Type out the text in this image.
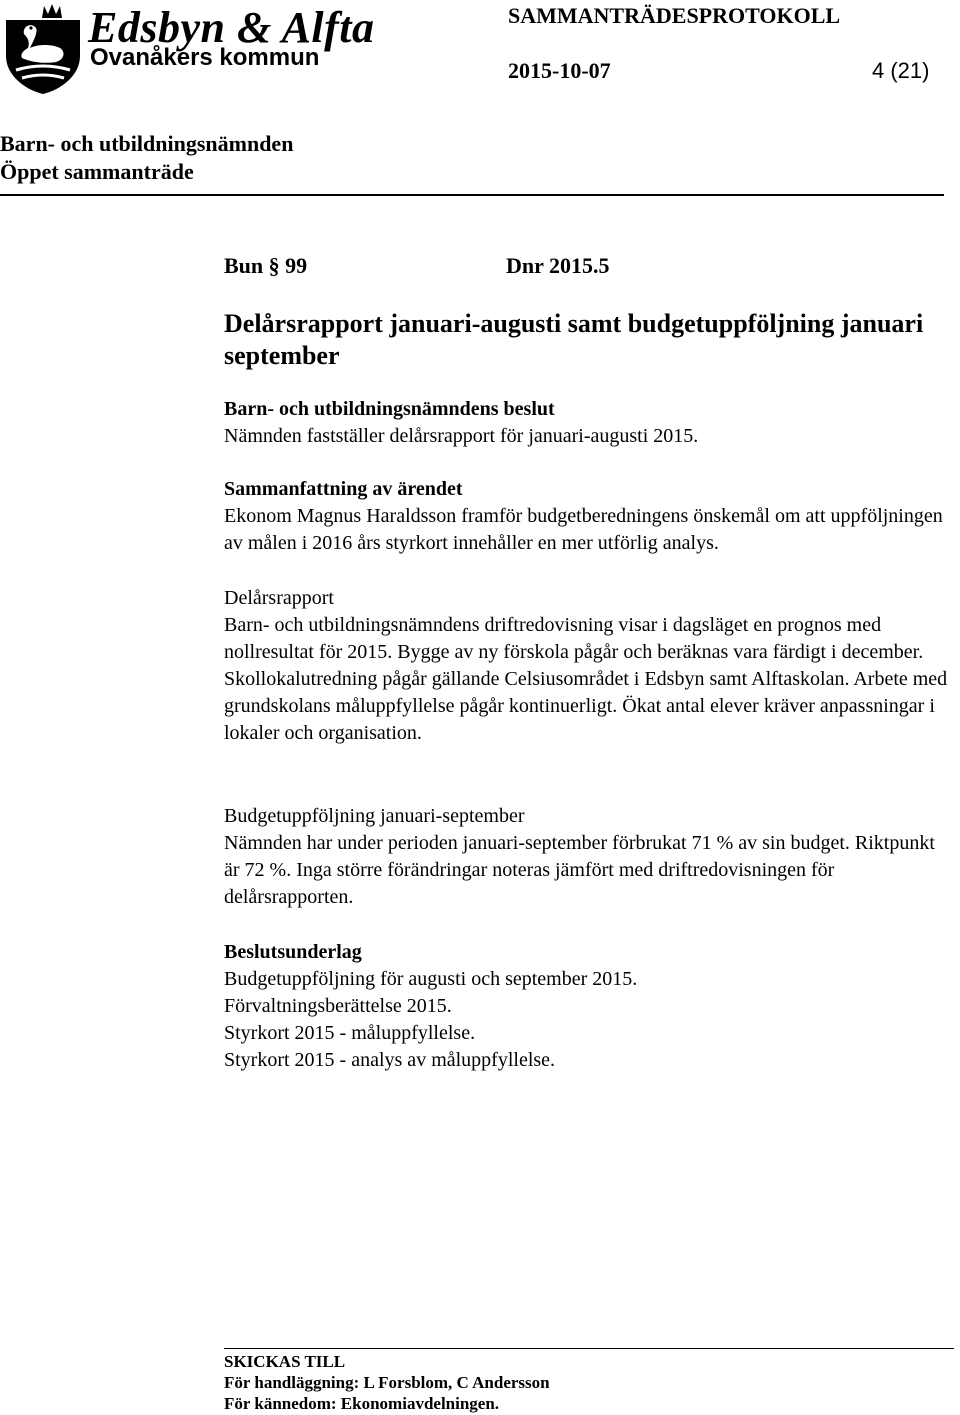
Edsbyn & Alfta
Ovanåkers kommun
SAMMANTRÄDESPROTOKOLL
2015-10-07	4 (21)
Barn- och utbildningsnämnden
Öppet sammanträde
Bun § 99	Dnr 2015.5
Delårsrapport januari-augusti samt budgetuppföljning januari september
Barn- och utbildningsnämndens beslut
Nämnden fastställer delårsrapport för januari-augusti 2015.
Sammanfattning av ärendet
Ekonom Magnus Haraldsson framför budgetberedningens önskemål om att uppföljningen av målen i 2016 års styrkort innehåller en mer utförlig analys.
Delårsrapport
Barn- och utbildningsnämndens driftredovisning visar i dagsläget en prognos med nollresultat för 2015. Bygge av ny förskola pågår och beräknas vara färdigt i december. Skollokalutredning pågår gällande Celsiusområdet i Edsbyn samt Alftaskolan. Arbete med grundskolans måluppfyllelse pågår kontinuerligt. Ökat antal elever kräver anpassningar i lokaler och organisation.
Budgetuppföljning januari-september
Nämnden har under perioden januari-september förbrukat 71 % av sin budget. Riktpunkt är 72 %. Inga större förändringar noteras jämfört med driftredovisningen för delårsrapporten.
Beslutsunderlag
Budgetuppföljning för augusti och september 2015.
Förvaltningsberättelse 2015.
Styrkort 2015 - måluppfyllelse.
Styrkort 2015 - analys av måluppfyllelse.
SKICKAS TILL
För handläggning: L Forsblom, C Andersson
För kännedom: Ekonomiavdelningen.
